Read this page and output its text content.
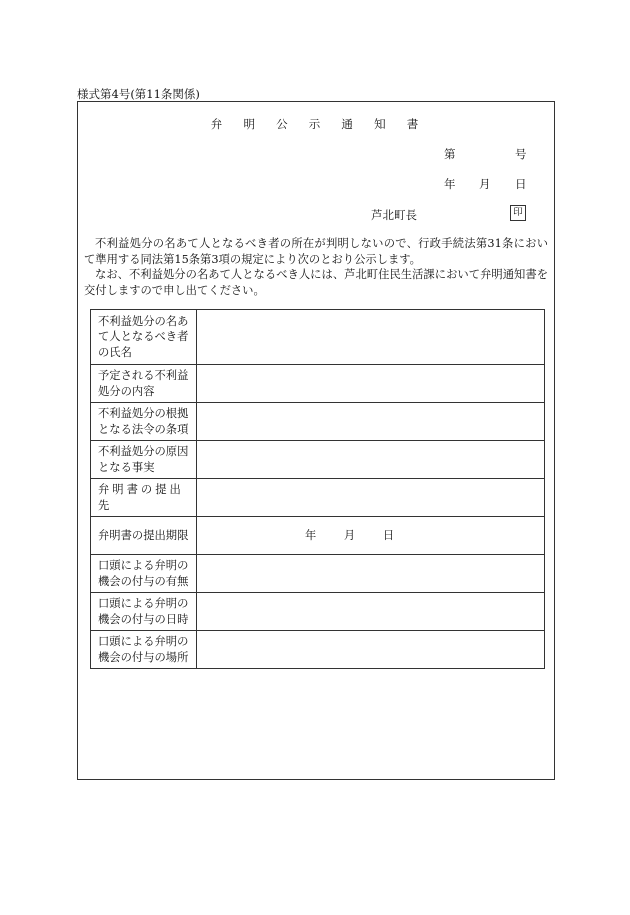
様式第4号(第11条関係)
弁 明 公 示 通 知 書
第	号
年 月 日
芦北町長	印
不利益処分の名あて人となるべき者の所在が判明しないので、行政手続法第31条において準用する同法第15条第3項の規定により次のとおり公示します。
なお、不利益処分の名あて人となるべき人には、芦北町住民生活課において弁明通知書を交付しますので申し出てください。
不利益処分の名あて人となるべき者の氏名	
予定される不利益処分の内容	
不利益処分の根拠となる法令の条項	
不利益処分の原因となる事実	
弁明書の提出先	
弁明書の提出期限	年 月 日
口頭による弁明の機会の付与の有無	
口頭による弁明の機会の付与の日時	
口頭による弁明の機会の付与の場所	
